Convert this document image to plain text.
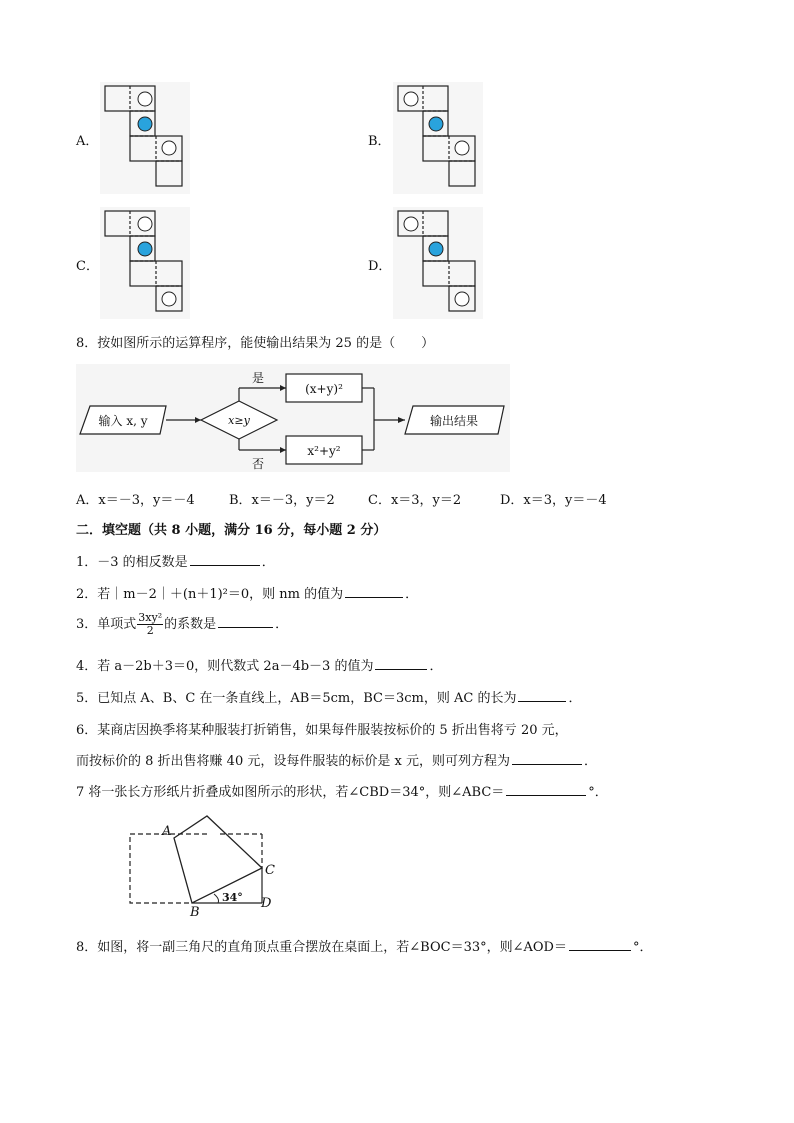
A．	B．
C．	D．
8．按如图所示的运算程序，能使输出结果为 25 的是（　　）
输入 x, y	x≥y
是
否
(x+y)²
x²+y²
输出结果
A．x＝－3，y＝－4	B．x＝－3，y＝2	C．x＝3，y＝2	D．x＝3，y＝－4
二．填空题（共 8 小题，满分 16 分，每小题 2 分）
1．－3 的相反数是	．
2．若｜m－2｜＋(n＋1)²＝0，则 nm 的值为	．
3．单项式 $\frac{\text{3xy²}}{2}$ 的系数是	．
4．若 a－2b＋3＝0，则代数式 2a－4b－3 的值为	．
5．已知点 A、B、C 在一条直线上，AB＝5cm，BC＝3cm，则 AC 的长为	．
6．某商店因换季将某种服装打折销售，如果每件服装按标价的 5 折出售将亏 20 元，
而按标价的 8 折出售将赚 40 元，设每件服装的标价是 x 元，则可列方程为	．
7 将一张长方形纸片折叠成如图所示的形状，若∠CBD＝34°，则∠ABC＝	°．
A
B
C
D
34°
8．如图，将一副三角尺的直角顶点重合摆放在桌面上，若∠BOC＝33°，则∠AOD＝	°．
